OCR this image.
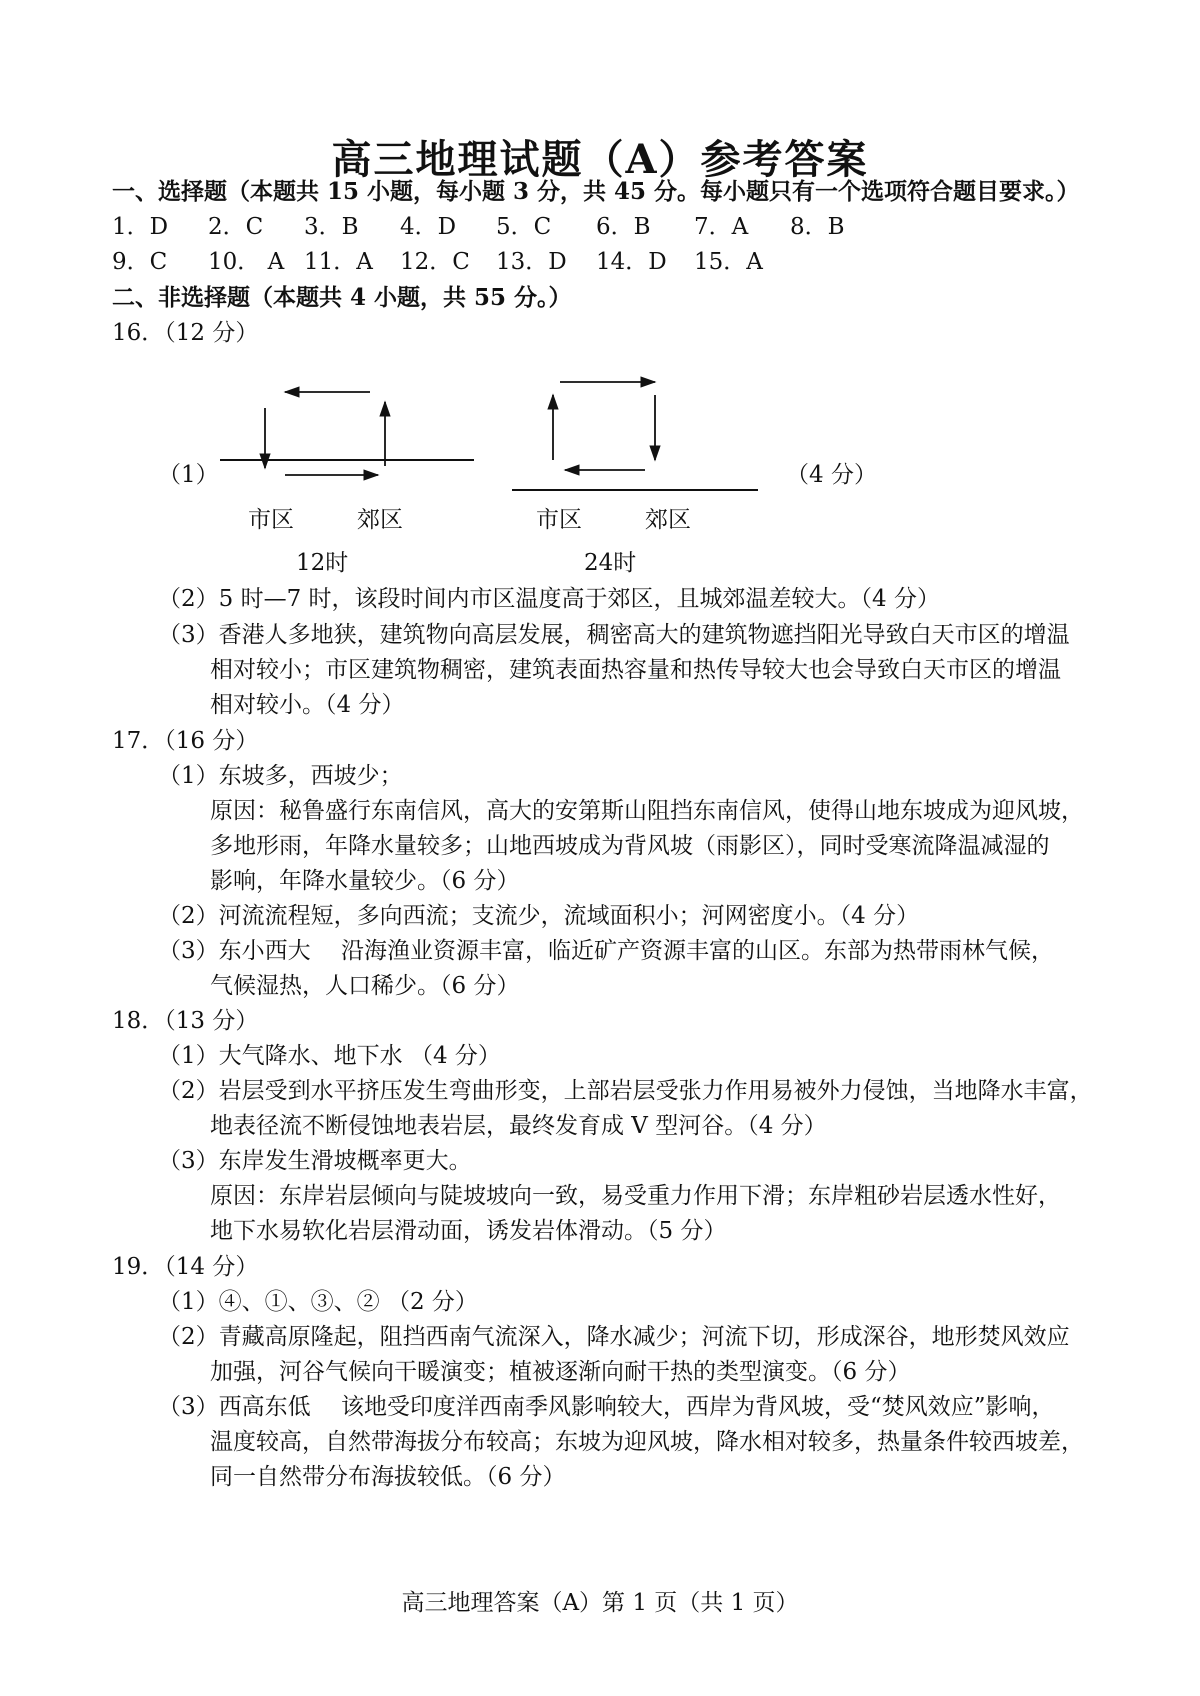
高三地理试题（A）参考答案
一、选择题（本题共 15 小题，每小题 3 分，共 45 分。每小题只有一个选项符合题目要求。）
1．D 2．C 3．B 4．D 5．C 6．B 7．A 8．B
9．C 10． A 11．A 12．C 13．D 14．D 15．A
二、非选择题（本题共 4 小题，共 55 分。）
16．（12 分）
（1）	（4 分）
市区	郊区
12时
市区	郊区
24时
（2）5 时—7 时，该段时间内市区温度高于郊区，且城郊温差较大。（4 分）
（3）香港人多地狭，建筑物向高层发展，稠密高大的建筑物遮挡阳光导致白天市区的增温
相对较小；市区建筑物稠密，建筑表面热容量和热传导较大也会导致白天市区的增温
相对较小。（4 分）
17．（16 分）
（1）东坡多，西坡少；
原因：秘鲁盛行东南信风，高大的安第斯山阻挡东南信风，使得山地东坡成为迎风坡，
多地形雨，年降水量较多；山地西坡成为背风坡（雨影区），同时受寒流降温减湿的
影响，年降水量较少。（6 分）
（2）河流流程短，多向西流；支流少，流域面积小；河网密度小。（4 分）
（3）东小西大　 沿海渔业资源丰富，临近矿产资源丰富的山区。东部为热带雨林气候，
气候湿热，人口稀少。（6 分）
18．（13 分）
（1）大气降水、地下水 （4 分）
（2）岩层受到水平挤压发生弯曲形变，上部岩层受张力作用易被外力侵蚀，当地降水丰富，
地表径流不断侵蚀地表岩层，最终发育成 V 型河谷。（4 分）
（3）东岸发生滑坡概率更大。
原因：东岸岩层倾向与陡坡坡向一致，易受重力作用下滑；东岸粗砂岩层透水性好，
地下水易软化岩层滑动面，诱发岩体滑动。（5 分）
19．（14 分）
（1）④、①、③、② （2 分）
（2）青藏高原隆起，阻挡西南气流深入，降水减少；河流下切，形成深谷，地形焚风效应
加强，河谷气候向干暖演变；植被逐渐向耐干热的类型演变。（6 分）
（3）西高东低　 该地受印度洋西南季风影响较大，西岸为背风坡，受“焚风效应”影响，
温度较高，自然带海拔分布较高；东坡为迎风坡，降水相对较多，热量条件较西坡差，
同一自然带分布海拔较低。（6 分）
高三地理答案（A）第 1 页（共 1 页）
